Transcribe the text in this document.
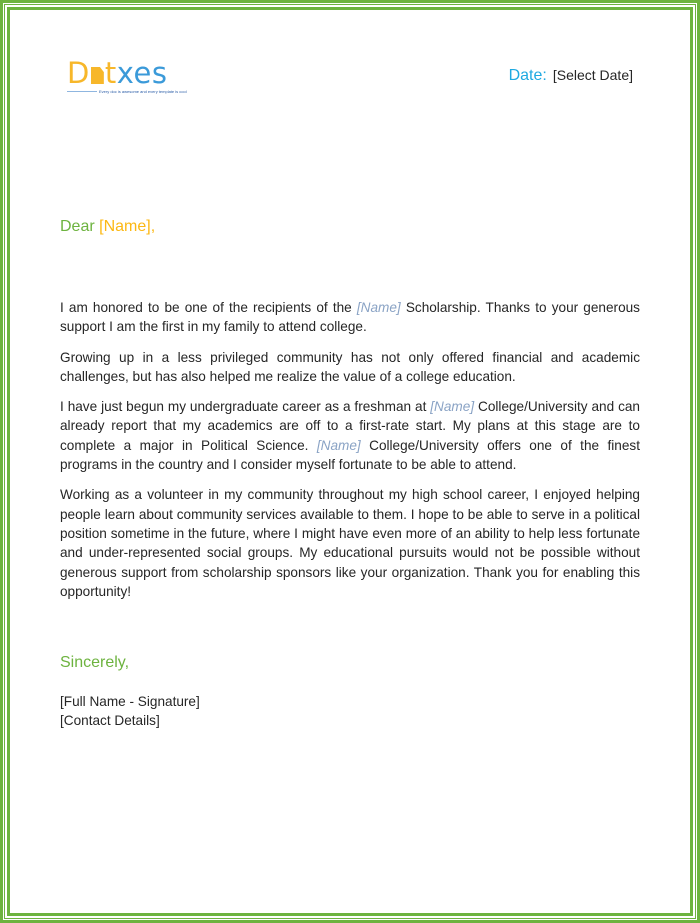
D txes
Every doc is awesome and every template is cool
Date: [Select Date]
Dear [Name],

I am honored to be one of the recipients of the [Name] Scholarship. Thanks to your generous support I am the first in my family to attend college.

Growing up in a less privileged community has not only offered financial and academic challenges, but has also helped me realize the value of a college education.

I have just begun my undergraduate career as a freshman at [Name] College/University and can already report that my academics are off to a first-rate start. My plans at this stage are to complete a major in Political Science. [Name] College/University offers one of the finest programs in the country and I consider myself fortunate to be able to attend.

Working as a volunteer in my community throughout my high school career, I enjoyed helping people learn about community services available to them. I hope to be able to serve in a political position sometime in the future, where I might have even more of an ability to help less fortunate and under-represented social groups. My educational pursuits would not be possible without generous support from scholarship sponsors like your organization. Thank you for enabling this opportunity!

Sincerely,
[Full Name - Signature]
[Contact Details]
